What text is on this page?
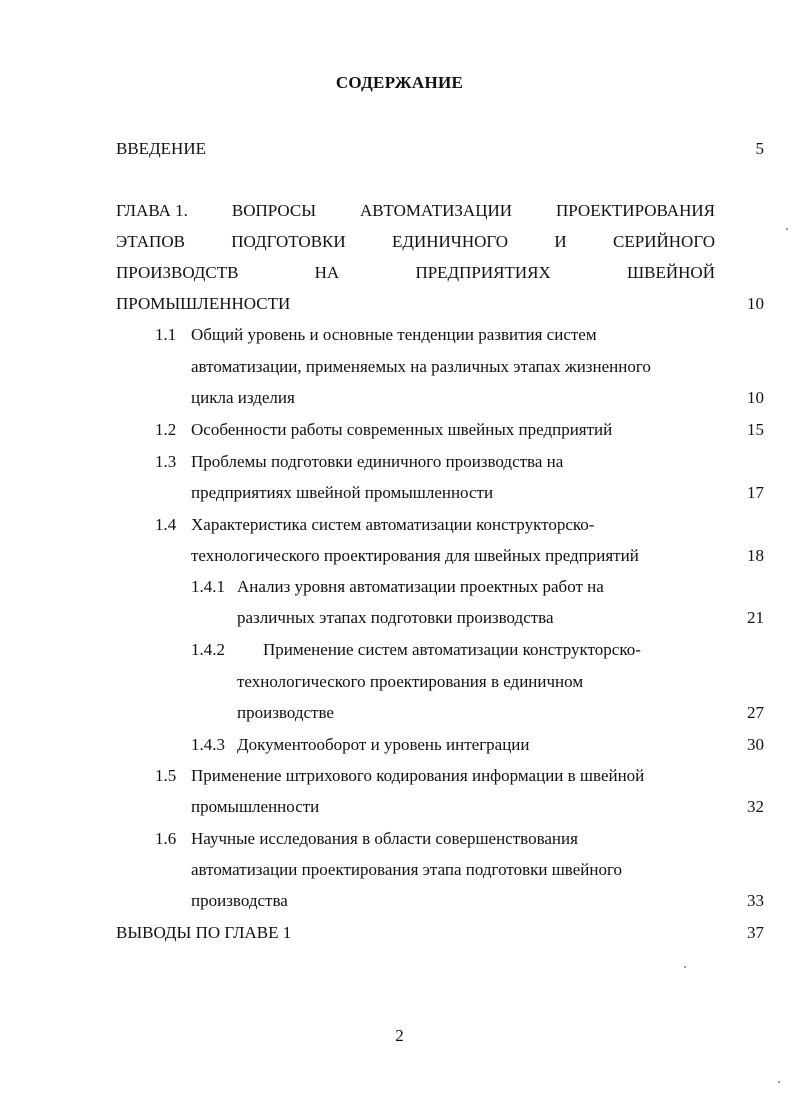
СОДЕРЖАНИЕ
ВВЕДЕНИЕ	5
ГЛАВА 1.	ВОПРОСЫ	АВТОМАТИЗАЦИИ	ПРОЕКТИРОВАНИЯ
ЭТАПОВ	ПОДГОТОВКИ	ЕДИНИЧНОГО	И	СЕРИЙНОГО
ПРОИЗВОДСТВ	НА	ПРЕДПРИЯТИЯХ	ШВЕЙНОЙ
ПРОМЫШЛЕННОСТИ	10
1.1 Общий уровень и основные тенденции развития систем
автоматизации, применяемых на различных этапах жизненного
цикла изделия	10
1.2 Особенности работы современных швейных предприятий	15
1.3 Проблемы подготовки единичного производства на
предприятиях швейной промышленности	17
1.4 Характеристика систем автоматизации конструкторско-
технологического проектирования для швейных предприятий	18
1.4.1 Анализ уровня автоматизации проектных работ на
различных этапах подготовки производства	21
1.4.2 Применение систем автоматизации конструкторско-
технологического проектирования в единичном
производстве	27
1.4.3 Документооборот и уровень интеграции	30
1.5 Применение штрихового кодирования информации в швейной
промышленности	32
1.6 Научные исследования в области совершенствования
автоматизации проектирования этапа подготовки швейного
производства	33
ВЫВОДЫ ПО ГЛАВЕ 1	37
2
